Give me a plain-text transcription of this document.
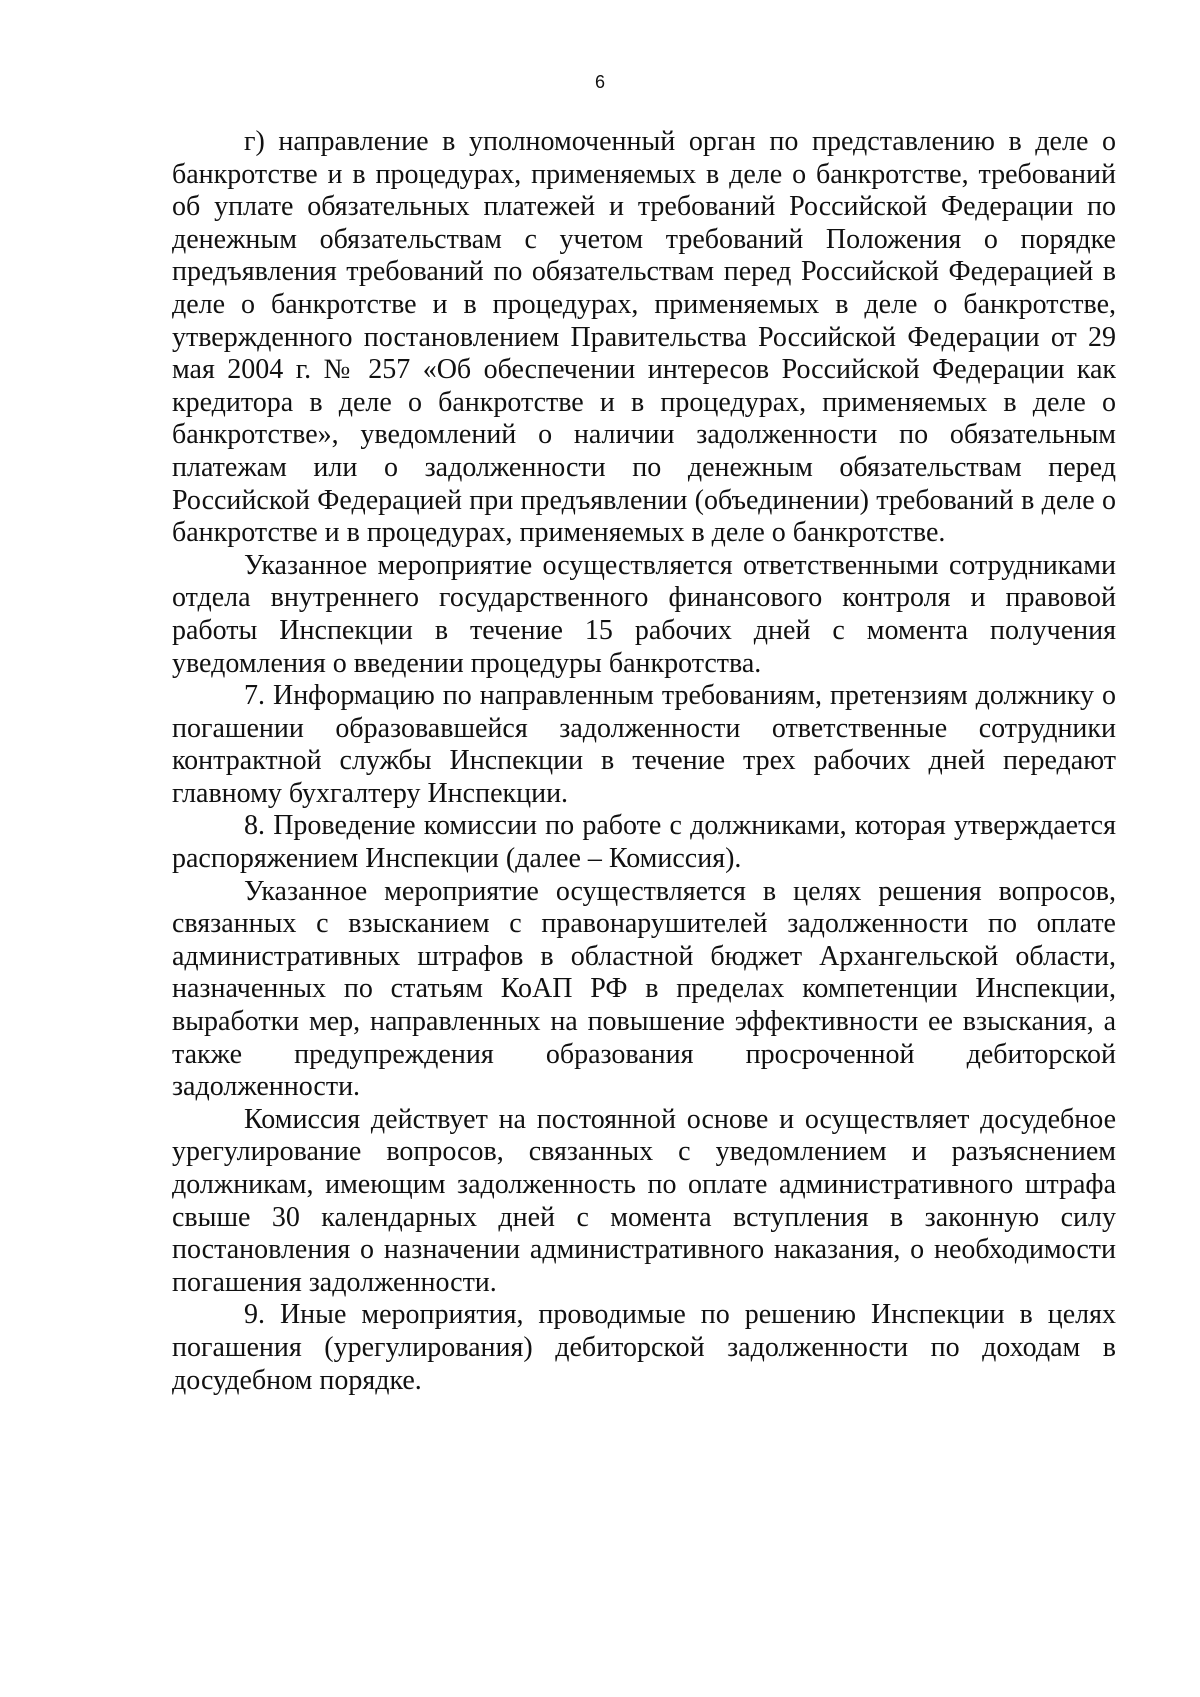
6

г) направление в уполномоченный орган по представлению в деле о банкротстве и в процедурах, применяемых в деле о банкротстве, требований об уплате обязательных платежей и требований Российской Федерации по денежным обязательствам с учетом требований Положения о порядке предъявления требований по обязательствам перед Российской Федерацией в деле о банкротстве и в процедурах, применяемых в деле о банкротстве, утвержденного постановлением Правительства Российской Федерации от 29 мая 2004 г. № 257 «Об обеспечении интересов Российской Федерации как кредитора в деле о банкротстве и в процедурах, применяемых в деле о банкротстве», уведомлений о наличии задолженности по обязательным платежам или о задолженности по денежным обязательствам перед Российской Федерацией при предъявлении (объединении) требований в деле о банкротстве и в процедурах, применяемых в деле о банкротстве.

Указанное мероприятие осуществляется ответственными сотрудниками отдела внутреннего государственного финансового контроля и правовой работы Инспекции в течение 15 рабочих дней с момента получения уведомления о введении процедуры банкротства.

7. Информацию по направленным требованиям, претензиям должнику о погашении образовавшейся задолженности ответственные сотрудники контрактной службы Инспекции в течение трех рабочих дней передают главному бухгалтеру Инспекции.

8. Проведение комиссии по работе с должниками, которая утверждается распоряжением Инспекции (далее – Комиссия).

Указанное мероприятие осуществляется в целях решения вопросов, связанных с взысканием с правонарушителей задолженности по оплате административных штрафов в областной бюджет Архангельской области, назначенных по статьям КоАП РФ в пределах компетенции Инспекции, выработки мер, направленных на повышение эффективности ее взыскания, а также предупреждения образования просроченной дебиторской задолженности.

Комиссия действует на постоянной основе и осуществляет досудебное урегулирование вопросов, связанных с уведомлением и разъяснением должникам, имеющим задолженность по оплате административного штрафа свыше 30 календарных дней с момента вступления в законную силу постановления о назначении административного наказания, о необходимости погашения задолженности.

9. Иные мероприятия, проводимые по решению Инспекции в целях погашения (урегулирования) дебиторской задолженности по доходам в досудебном порядке.
